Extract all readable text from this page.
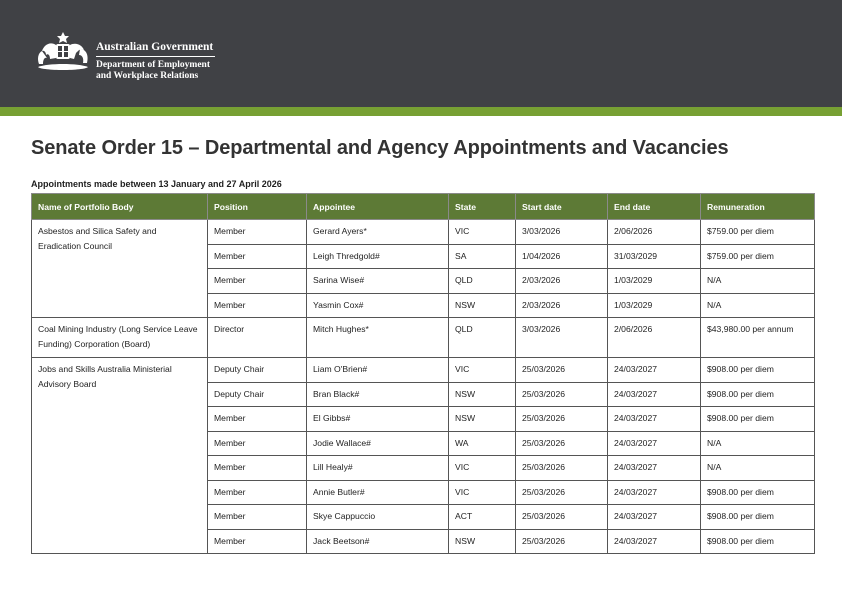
Australian Government
Department of Employment
and Workplace Relations
Senate Order 15 – Departmental and Agency Appointments and Vacancies
Appointments made between 13 January and 27 April 2026
Name of Portfolio Body	Position	Appointee	State	Start date	End date	Remuneration
Asbestos and Silica Safety and Eradication Council	Member	Gerard Ayers*	VIC	3/03/2026	2/06/2026	$759.00 per diem
	Member	Leigh Thredgold#	SA	1/04/2026	31/03/2029	$759.00 per diem
	Member	Sarina Wise#	QLD	2/03/2026	1/03/2029	N/A
	Member	Yasmin Cox#	NSW	2/03/2026	1/03/2029	N/A
Coal Mining Industry (Long Service Leave Funding) Corporation (Board)	Director	Mitch Hughes*	QLD	3/03/2026	2/06/2026	$43,980.00 per annum
Jobs and Skills Australia Ministerial Advisory Board	Deputy Chair	Liam O'Brien#	VIC	25/03/2026	24/03/2027	$908.00 per diem
	Deputy Chair	Bran Black#	NSW	25/03/2026	24/03/2027	$908.00 per diem
	Member	El Gibbs#	NSW	25/03/2026	24/03/2027	$908.00 per diem
	Member	Jodie Wallace#	WA	25/03/2026	24/03/2027	N/A
	Member	Lill Healy#	VIC	25/03/2026	24/03/2027	N/A
	Member	Annie Butler#	VIC	25/03/2026	24/03/2027	$908.00 per diem
	Member	Skye Cappuccio	ACT	25/03/2026	24/03/2027	$908.00 per diem
	Member	Jack Beetson#	NSW	25/03/2026	24/03/2027	$908.00 per diem
